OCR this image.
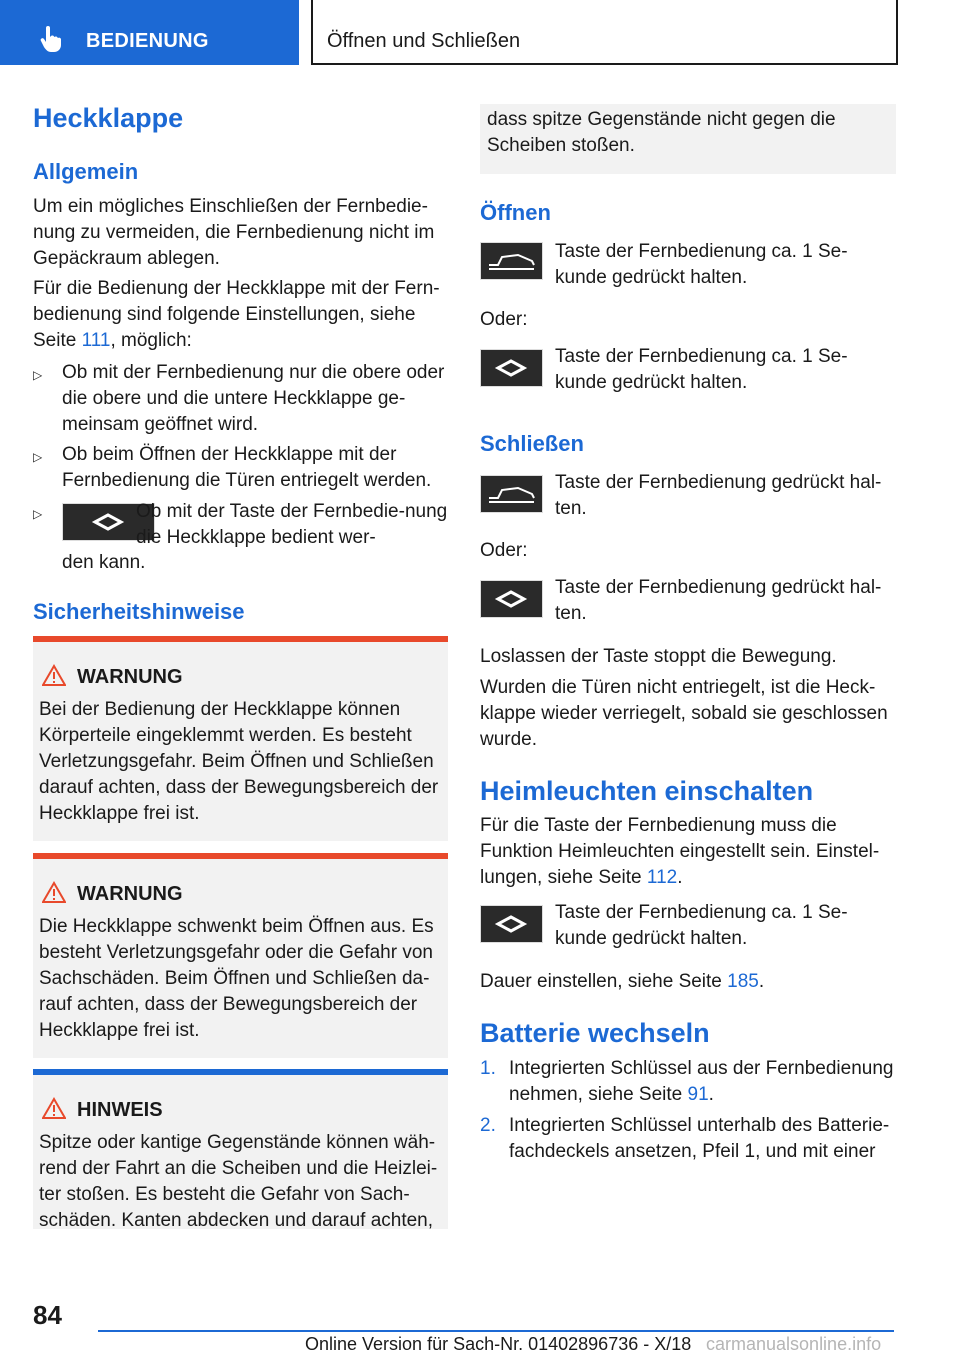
BEDIENUNG	Öffnen und Schließen
Heckklappe
Allgemein
Um ein mögliches Einschließen der Fernbedie-nung zu vermeiden, die Fernbedienung nicht im Gepäckraum ablegen.
Für die Bedienung der Heckklappe mit der Fern-bedienung sind folgende Einstellungen, siehe Seite 111, möglich:
▷ Ob mit der Fernbedienung nur die obere oder die obere und die untere Heckklappe ge-meinsam geöffnet wird.
▷ Ob beim Öffnen der Heckklappe mit der Fernbedienung die Türen entriegelt werden.
▷	Ob mit der Taste der Fernbedie-nung die Heckklappe bedient wer-
den kann.
Sicherheitshinweise
WARNUNG
Bei der Bedienung der Heckklappe können Körperteile eingeklemmt werden. Es besteht Verletzungsgefahr. Beim Öffnen und Schließen darauf achten, dass der Bewegungsbereich der Heckklappe frei ist.
WARNUNG
Die Heckklappe schwenkt beim Öffnen aus. Es besteht Verletzungsgefahr oder die Gefahr von Sachschäden. Beim Öffnen und Schließen da-rauf achten, dass der Bewegungsbereich der Heckklappe frei ist.
HINWEIS
Spitze oder kantige Gegenstände können wäh-rend der Fahrt an die Scheiben und die Heizlei-ter stoßen. Es besteht die Gefahr von Sach-schäden. Kanten abdecken und darauf achten,
dass spitze Gegenstände nicht gegen die Scheiben stoßen.
Öffnen
Taste der Fernbedienung ca. 1 Se-kunde gedrückt halten.
Oder:
Taste der Fernbedienung ca. 1 Se-kunde gedrückt halten.
Schließen
Taste der Fernbedienung gedrückt hal-ten.
Oder:
Taste der Fernbedienung gedrückt hal-ten.
Loslassen der Taste stoppt die Bewegung.
Wurden die Türen nicht entriegelt, ist die Heck-klappe wieder verriegelt, sobald sie geschlossen wurde.
Heimleuchten einschalten
Für die Taste der Fernbedienung muss die Funktion Heimleuchten eingestellt sein. Einstel-lungen, siehe Seite 112.
Taste der Fernbedienung ca. 1 Se-kunde gedrückt halten.
Dauer einstellen, siehe Seite 185.
Batterie wechseln
1. Integrierten Schlüssel aus der Fernbedienung nehmen, siehe Seite 91.
2. Integrierten Schlüssel unterhalb des Batterie-fachdeckels ansetzen, Pfeil 1, und mit einer
84
Online Version für Sach-Nr. 01402896736 - X/18 carmanualsonline.info
